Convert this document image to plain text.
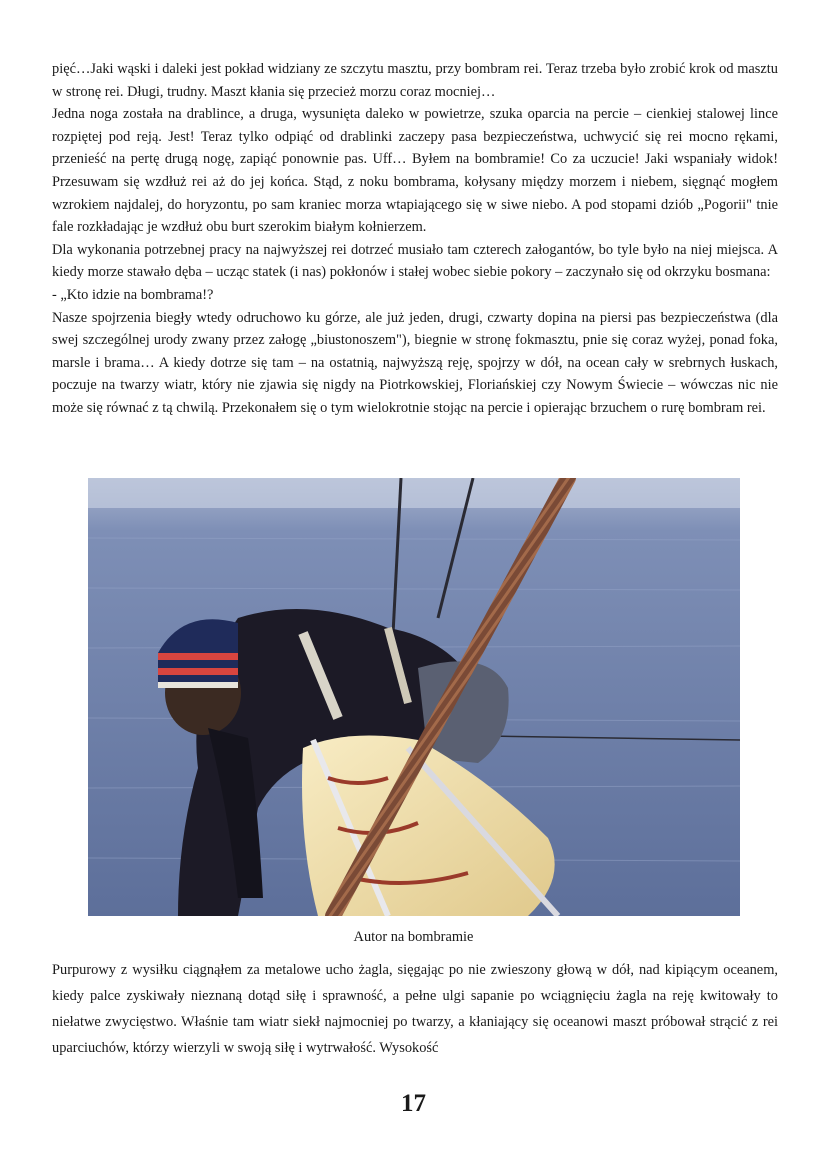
pięć…Jaki wąski i daleki jest pokład widziany ze szczytu masztu, przy bombram rei. Teraz trzeba było zrobić krok od masztu w stronę rei. Długi, trudny. Maszt kłania się przecież morzu coraz mocniej…

Jedna noga została na drablince, a druga, wysunięta daleko w powietrze, szuka oparcia na percie – cienkiej stalowej lince rozpiętej pod reją. Jest! Teraz tylko odpiąć od drablinki zaczepy pasa bezpieczeństwa, uchwycić się rei mocno rękami, przenieść na pertę drugą nogę, zapiąć ponownie pas. Uff… Byłem na bombramie! Co za uczucie! Jaki wspaniały widok! Przesuwam się wzdłuż rei aż do jej końca. Stąd, z noku bombrama, kołysany między morzem i niebem, sięgnąć mogłem wzrokiem najdalej, do horyzontu, po sam kraniec morza wtapiającego się w siwe niebo. A pod stopami dziób „Pogorii" tnie fale rozkładając je wzdłuż obu burt szerokim białym kołnierzem.

Dla wykonania potrzebnej pracy na najwyższej rei dotrzeć musiało tam czterech załogantów, bo tyle było na niej miejsca. A kiedy morze stawało dęba – ucząc statek (i nas) pokłonów i stałej wobec siebie pokory – zaczynało się od okrzyku bosmana:

- „Kto idzie na bombrama!?

Nasze spojrzenia biegły wtedy odruchowo ku górze, ale już jeden, drugi, czwarty dopina na piersi pas bezpieczeństwa (dla swej szczególnej urody zwany przez załogę „biustonoszem"), biegnie w stronę fokmasztu, pnie się coraz wyżej, ponad foka, marsle i brama… A kiedy dotrze się tam – na ostatnią, najwyższą reję, spojrzy w dół, na ocean cały w srebrnych łuskach, poczuje na twarzy wiatr, który nie zjawia się nigdy na Piotrkowskiej, Floriańskiej czy Nowym Świecie – wówczas nic nie może się równać z tą chwilą. Przekonałem się o tym wielokrotnie stojąc na percie i opierając brzuchem o rurę bombram rei.

Autor na bombramie

Purpurowy z wysiłku ciągnąłem za metalowe ucho żagla, sięgając po nie zwieszony głową w dół, nad kipiącym oceanem, kiedy palce zyskiwały nieznaną dotąd siłę i sprawność, a pełne ulgi sapanie po wciągnięciu żagla na reję kwitowały to niełatwe zwycięstwo. Właśnie tam wiatr siekł najmocniej po twarzy, a kłaniający się oceanowi maszt próbował strącić z rei uparciuchów, którzy wierzyli w swoją siłę i wytrwałość. Wysokość

17
